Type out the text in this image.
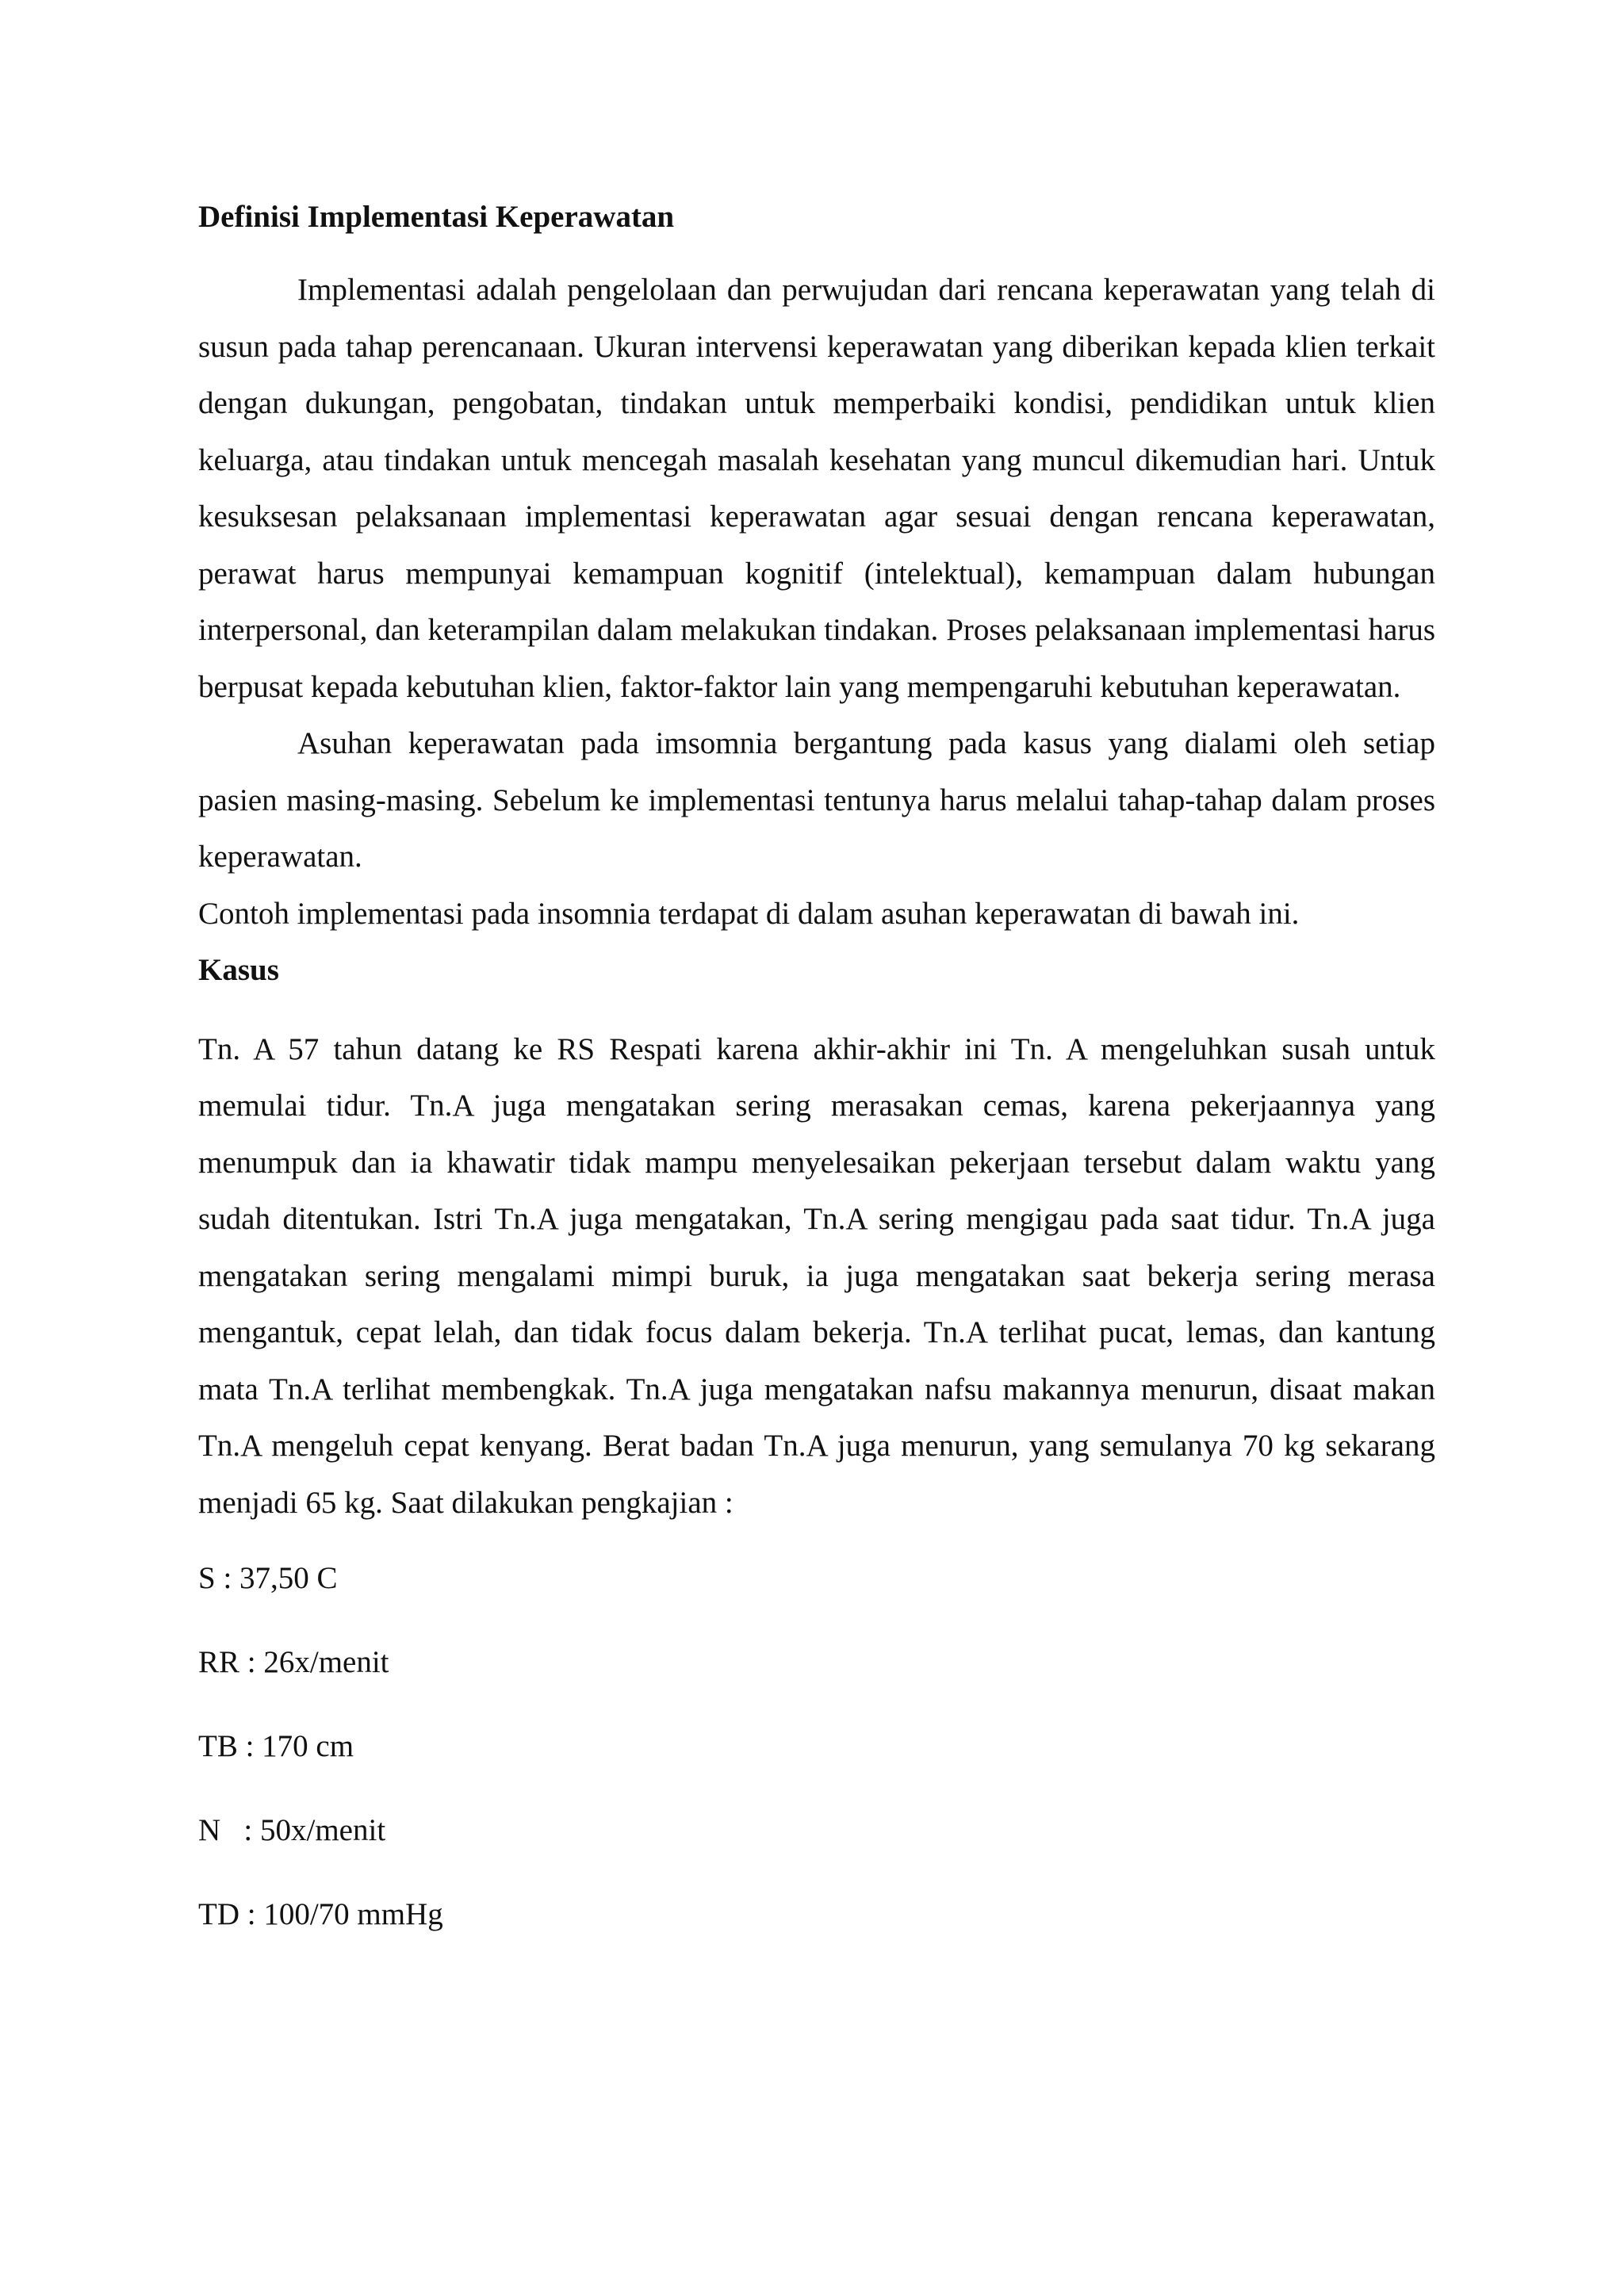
Definisi Implementasi Keperawatan

Implementasi adalah pengelolaan dan perwujudan dari rencana keperawatan yang telah di susun pada tahap perencanaan. Ukuran intervensi keperawatan yang diberikan kepada klien terkait dengan dukungan, pengobatan, tindakan untuk memperbaiki kondisi, pendidikan untuk klien keluarga, atau tindakan untuk mencegah masalah kesehatan yang muncul dikemudian hari. Untuk kesuksesan pelaksanaan implementasi keperawatan agar sesuai dengan rencana keperawatan, perawat harus mempunyai kemampuan kognitif (intelektual), kemampuan dalam hubungan interpersonal, dan keterampilan dalam melakukan tindakan. Proses pelaksanaan implementasi harus berpusat kepada kebutuhan klien, faktor-faktor lain yang mempengaruhi kebutuhan keperawatan.

Asuhan keperawatan pada imsomnia bergantung pada kasus yang dialami oleh setiap pasien masing-masing. Sebelum ke implementasi tentunya harus melalui tahap-tahap dalam proses keperawatan.

Contoh implementasi pada insomnia terdapat di dalam asuhan keperawatan di bawah ini.

Kasus

Tn. A 57 tahun datang ke RS Respati karena akhir-akhir ini Tn. A mengeluhkan susah untuk memulai tidur. Tn.A juga mengatakan sering merasakan cemas, karena pekerjaannya yang menumpuk dan ia khawatir tidak mampu menyelesaikan pekerjaan tersebut dalam waktu yang sudah ditentukan. Istri Tn.A juga mengatakan, Tn.A sering mengigau pada saat tidur. Tn.A juga mengatakan sering mengalami mimpi buruk, ia juga mengatakan saat bekerja sering merasa mengantuk, cepat lelah, dan tidak focus dalam bekerja. Tn.A terlihat pucat, lemas, dan kantung mata Tn.A terlihat membengkak. Tn.A juga mengatakan nafsu makannya menurun, disaat makan Tn.A mengeluh cepat kenyang. Berat badan Tn.A juga menurun, yang semulanya 70 kg sekarang menjadi 65 kg. Saat dilakukan pengkajian :

S : 37,50 C
RR : 26x/menit
TB : 170 cm
N   : 50x/menit
TD : 100/70 mmHg
